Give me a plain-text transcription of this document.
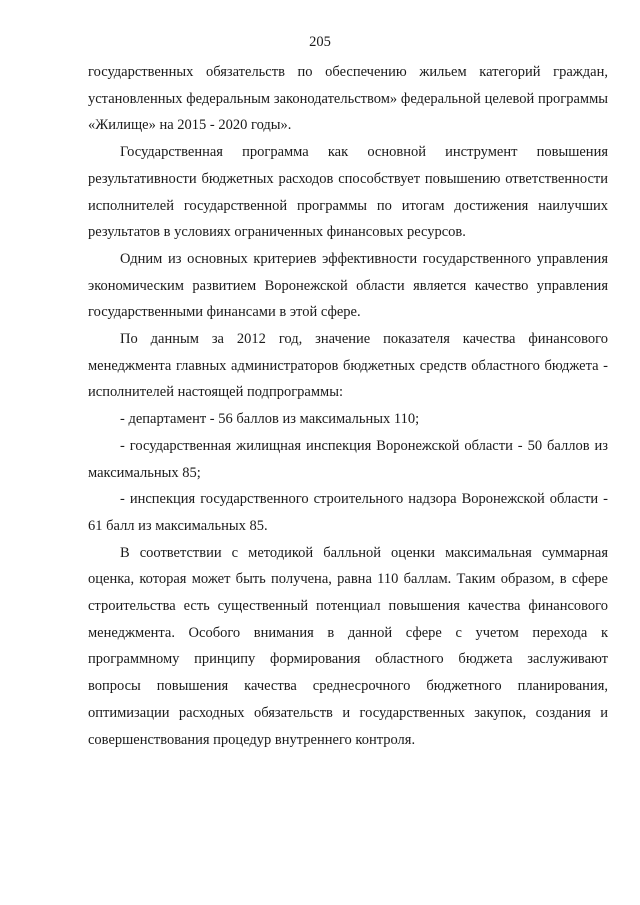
205

государственных обязательств по обеспечению жильем категорий граждан, установленных федеральным законодательством» федеральной целевой программы «Жилище» на 2015 - 2020 годы».

Государственная программа как основной инструмент повышения результативности бюджетных расходов способствует повышению ответственности исполнителей государственной программы по итогам достижения наилучших результатов в условиях ограниченных финансовых ресурсов.

Одним из основных критериев эффективности государственного управления экономическим развитием Воронежской области является качество управления государственными финансами в этой сфере.

По данным за 2012 год, значение показателя качества финансового менеджмента главных администраторов бюджетных средств областного бюджета - исполнителей настоящей подпрограммы:

- департамент - 56 баллов из максимальных 110;

- государственная жилищная инспекция Воронежской области - 50 баллов из максимальных 85;

- инспекция государственного строительного надзора Воронежской области - 61 балл из максимальных 85.

В соответствии с методикой балльной оценки максимальная суммарная оценка, которая может быть получена, равна 110 баллам. Таким образом, в сфере строительства есть существенный потенциал повышения качества финансового менеджмента. Особого внимания в данной сфере с учетом перехода к программному принципу формирования областного бюджета заслуживают вопросы повышения качества среднесрочного бюджетного планирования, оптимизации расходных обязательств и государственных закупок, создания и совершенствования процедур внутреннего контроля.
